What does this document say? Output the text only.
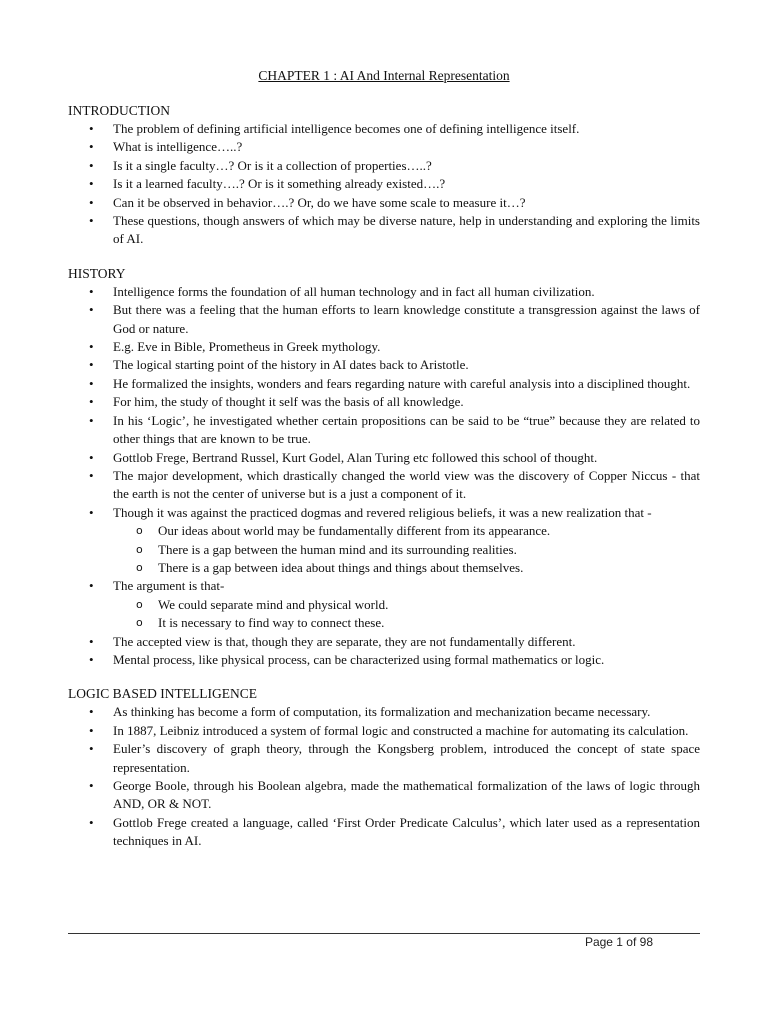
CHAPTER 1 : AI And Internal Representation
INTRODUCTION
• The problem of defining artificial intelligence becomes one of defining intelligence itself.
• What is intelligence…..?
• Is it a single faculty…? Or is it a collection of properties…..?
• Is it a learned faculty….? Or is it something already existed….?
• Can it be observed in behavior….? Or, do we have some scale to measure it…?
• These questions, though answers of which may be diverse nature, help in understanding and exploring the limits of AI.
HISTORY
• Intelligence forms the foundation of all human technology and in fact all human civilization.
• But there was a feeling that the human efforts to learn knowledge constitute a transgression against the laws of God or nature.
• E.g. Eve in Bible, Prometheus in Greek mythology.
• The logical starting point of the history in AI dates back to Aristotle.
• He formalized the insights, wonders and fears regarding nature with careful analysis into a disciplined thought.
• For him, the study of thought it self was the basis of all knowledge.
• In his ‘Logic’, he investigated whether certain propositions can be said to be “true” because they are related to other things that are known to be true.
• Gottlob Frege, Bertrand Russel, Kurt Godel, Alan Turing etc followed this school of thought.
• The major development, which drastically changed the world view was the discovery of Copper Niccus - that the earth is not the center of universe but is a just a component of it.
• Though it was against the practiced dogmas and revered religious beliefs, it was a new realization that -
o Our ideas about world may be fundamentally different from its appearance.
o There is a gap between the human mind and its surrounding realities.
o There is a gap between idea about things and things about themselves.
• The argument is that-
o We could separate mind and physical world.
o It is necessary to find way to connect these.
• The accepted view is that, though they are separate, they are not fundamentally different.
• Mental process, like physical process, can be characterized using formal mathematics or logic.
LOGIC BASED INTELLIGENCE
• As thinking has become a form of computation, its formalization and mechanization became necessary.
• In 1887, Leibniz introduced a system of formal logic and constructed a machine for automating its calculation.
• Euler’s discovery of graph theory, through the Kongsberg problem, introduced the concept of state space representation.
• George Boole, through his Boolean algebra, made the mathematical formalization of the laws of logic through AND, OR & NOT.
• Gottlob Frege created a language, called ‘First Order Predicate Calculus’, which later used as a representation techniques in AI.
Page 1 of 98
